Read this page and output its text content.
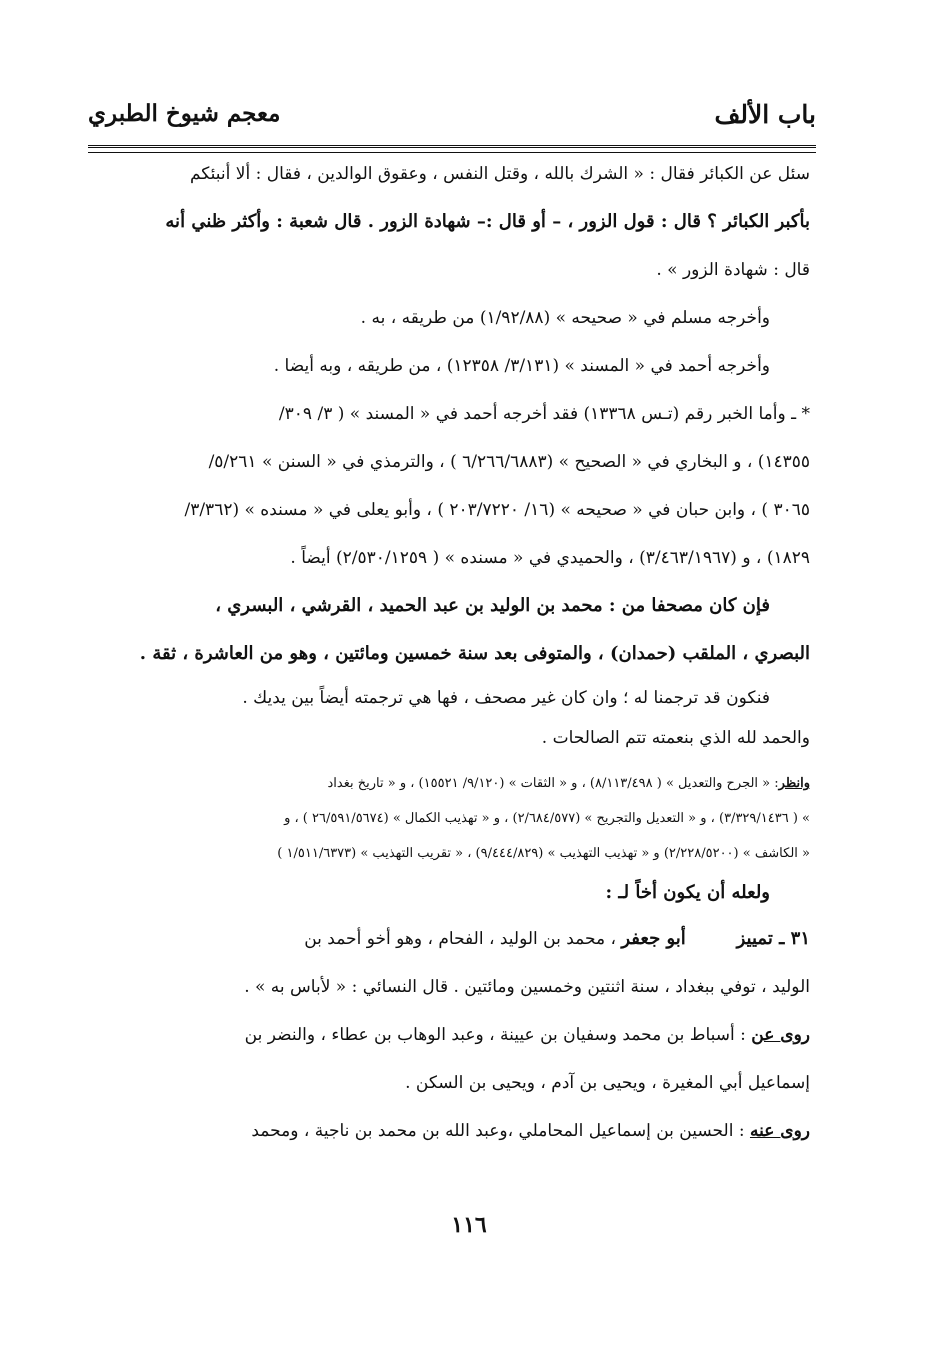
باب الألف
معجم شيوخ الطبري
سئل عن الكبائر فقال : « الشرك بالله ، وقتل النفس ، وعقوق الوالدين ، فقال : ألا أنبئكم
بأكبر الكبائر ؟ قال : قول الزور ، – أو قال :– شهادة الزور . قال شعبة : وأكثر ظني أنه
قال : شهادة الزور » .
وأخرجه مسلم في « صحيحه » (١/٩٢/٨٨) من طريقه ، به .
وأخرجه أحمد في « المسند » (٣/١٣١/ ١٢٣٥٨) ، من طريقه ، وبه أيضا .
* ـ وأما الخبر رقم (تـس ١٣٣٦٨) فقد أخرجه أحمد في « المسند » ( ٣/ ٣٠٩/
١٤٣٥٥) ، و البخاري في « الصحيح » (٦/٢٦٦/٦٨٨٣ ) ، والترمذي في « السنن » ٥/٢٦١/
٣٠٦٥ ) ، وابن حبان في « صحيحه » (١٦/ ٢٠٣/٧٢٢٠ ) ، وأبو يعلى في « مسنده » (٣/٣٦٢/
١٨٢٩) ، و (٣/٤٦٣/١٩٦٧) ، والحميدي في « مسنده » ( ٢/٥٣٠/١٢٥٩) أيضاً .
فإن كان مصحفا من : محمد بن الوليد بن عبد الحميد ، القرشي ، البسري ،
البصري ، الملقب (حمدان) ، والمتوفى بعد سنة خمسين ومائتين ، وهو من العاشرة ، ثقة .
فنكون قد ترجمنا له ؛ وان كان غير مصحف ، فها هي ترجمته أيضاً بين يديك .
والحمد لله الذي بنعمته تتم الصالحات .
وانظر: « الجرح والتعديل » ( ٨/١١٣/٤٩٨) ، و « الثقات » (٩/١٢٠/ ١٥٥٢١) ، و « تاريخ بغداد
» ( ٣/٣٢٩/١٤٣٦) ، و « التعديل والتجريح » (٢/٦٨٤/٥٧٧) ، و « تهذيب الكمال » (٢٦/٥٩١/٥٦٧٤ ) ، و
« الكاشف » (٢/٢٢٨/٥٢٠٠) و « تهذيب التهذيب » (٩/٤٤٤/٨٢٩) ، « تقريب التهذيب » (١/٥١١/٦٣٧٣ )
ولعله أن يكون أخاً لـ :
٣١ ـ تمييز  أبو جعفر ، محمد بن الوليد ، الفحام ، وهو أخو أحمد بن
الوليد ، توفي ببغداد ، سنة اثنتين وخمسين ومائتين . قال النسائي : « لأباس به » .
روى عن : أسباط بن محمد وسفيان بن عيينة ، وعبد الوهاب بن عطاء ، والنضر بن
إسماعيل أبي المغيرة ، ويحيى بن آدم ، ويحيى بن السكن .
روى عنه : الحسين بن إسماعيل المحاملي ،وعبد الله بن محمد بن ناجية ، ومحمد
١١٦
